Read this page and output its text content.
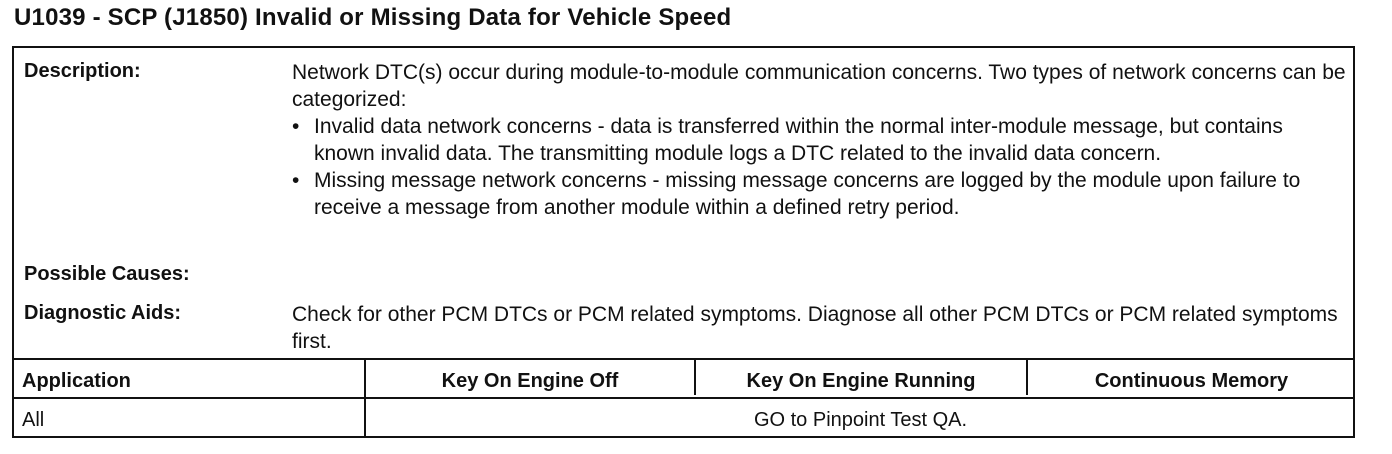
U1039 - SCP (J1850) Invalid or Missing Data for Vehicle Speed
Description:	Network DTC(s) occur during module-to-module communication concerns. Two types of network concerns can be categorized:

• Invalid data network concerns - data is transferred within the normal inter-module message, but contains known invalid data. The transmitting module logs a DTC related to the invalid data concern.
• Missing message network concerns - missing message concerns are logged by the module upon failure to receive a message from another module within a defined retry period.
Possible Causes:
Diagnostic Aids:	Check for other PCM DTCs or PCM related symptoms. Diagnose all other PCM DTCs or PCM related symptoms first.
Application	Key On Engine Off	Key On Engine Running	Continuous Memory
All	GO to Pinpoint Test QA.
